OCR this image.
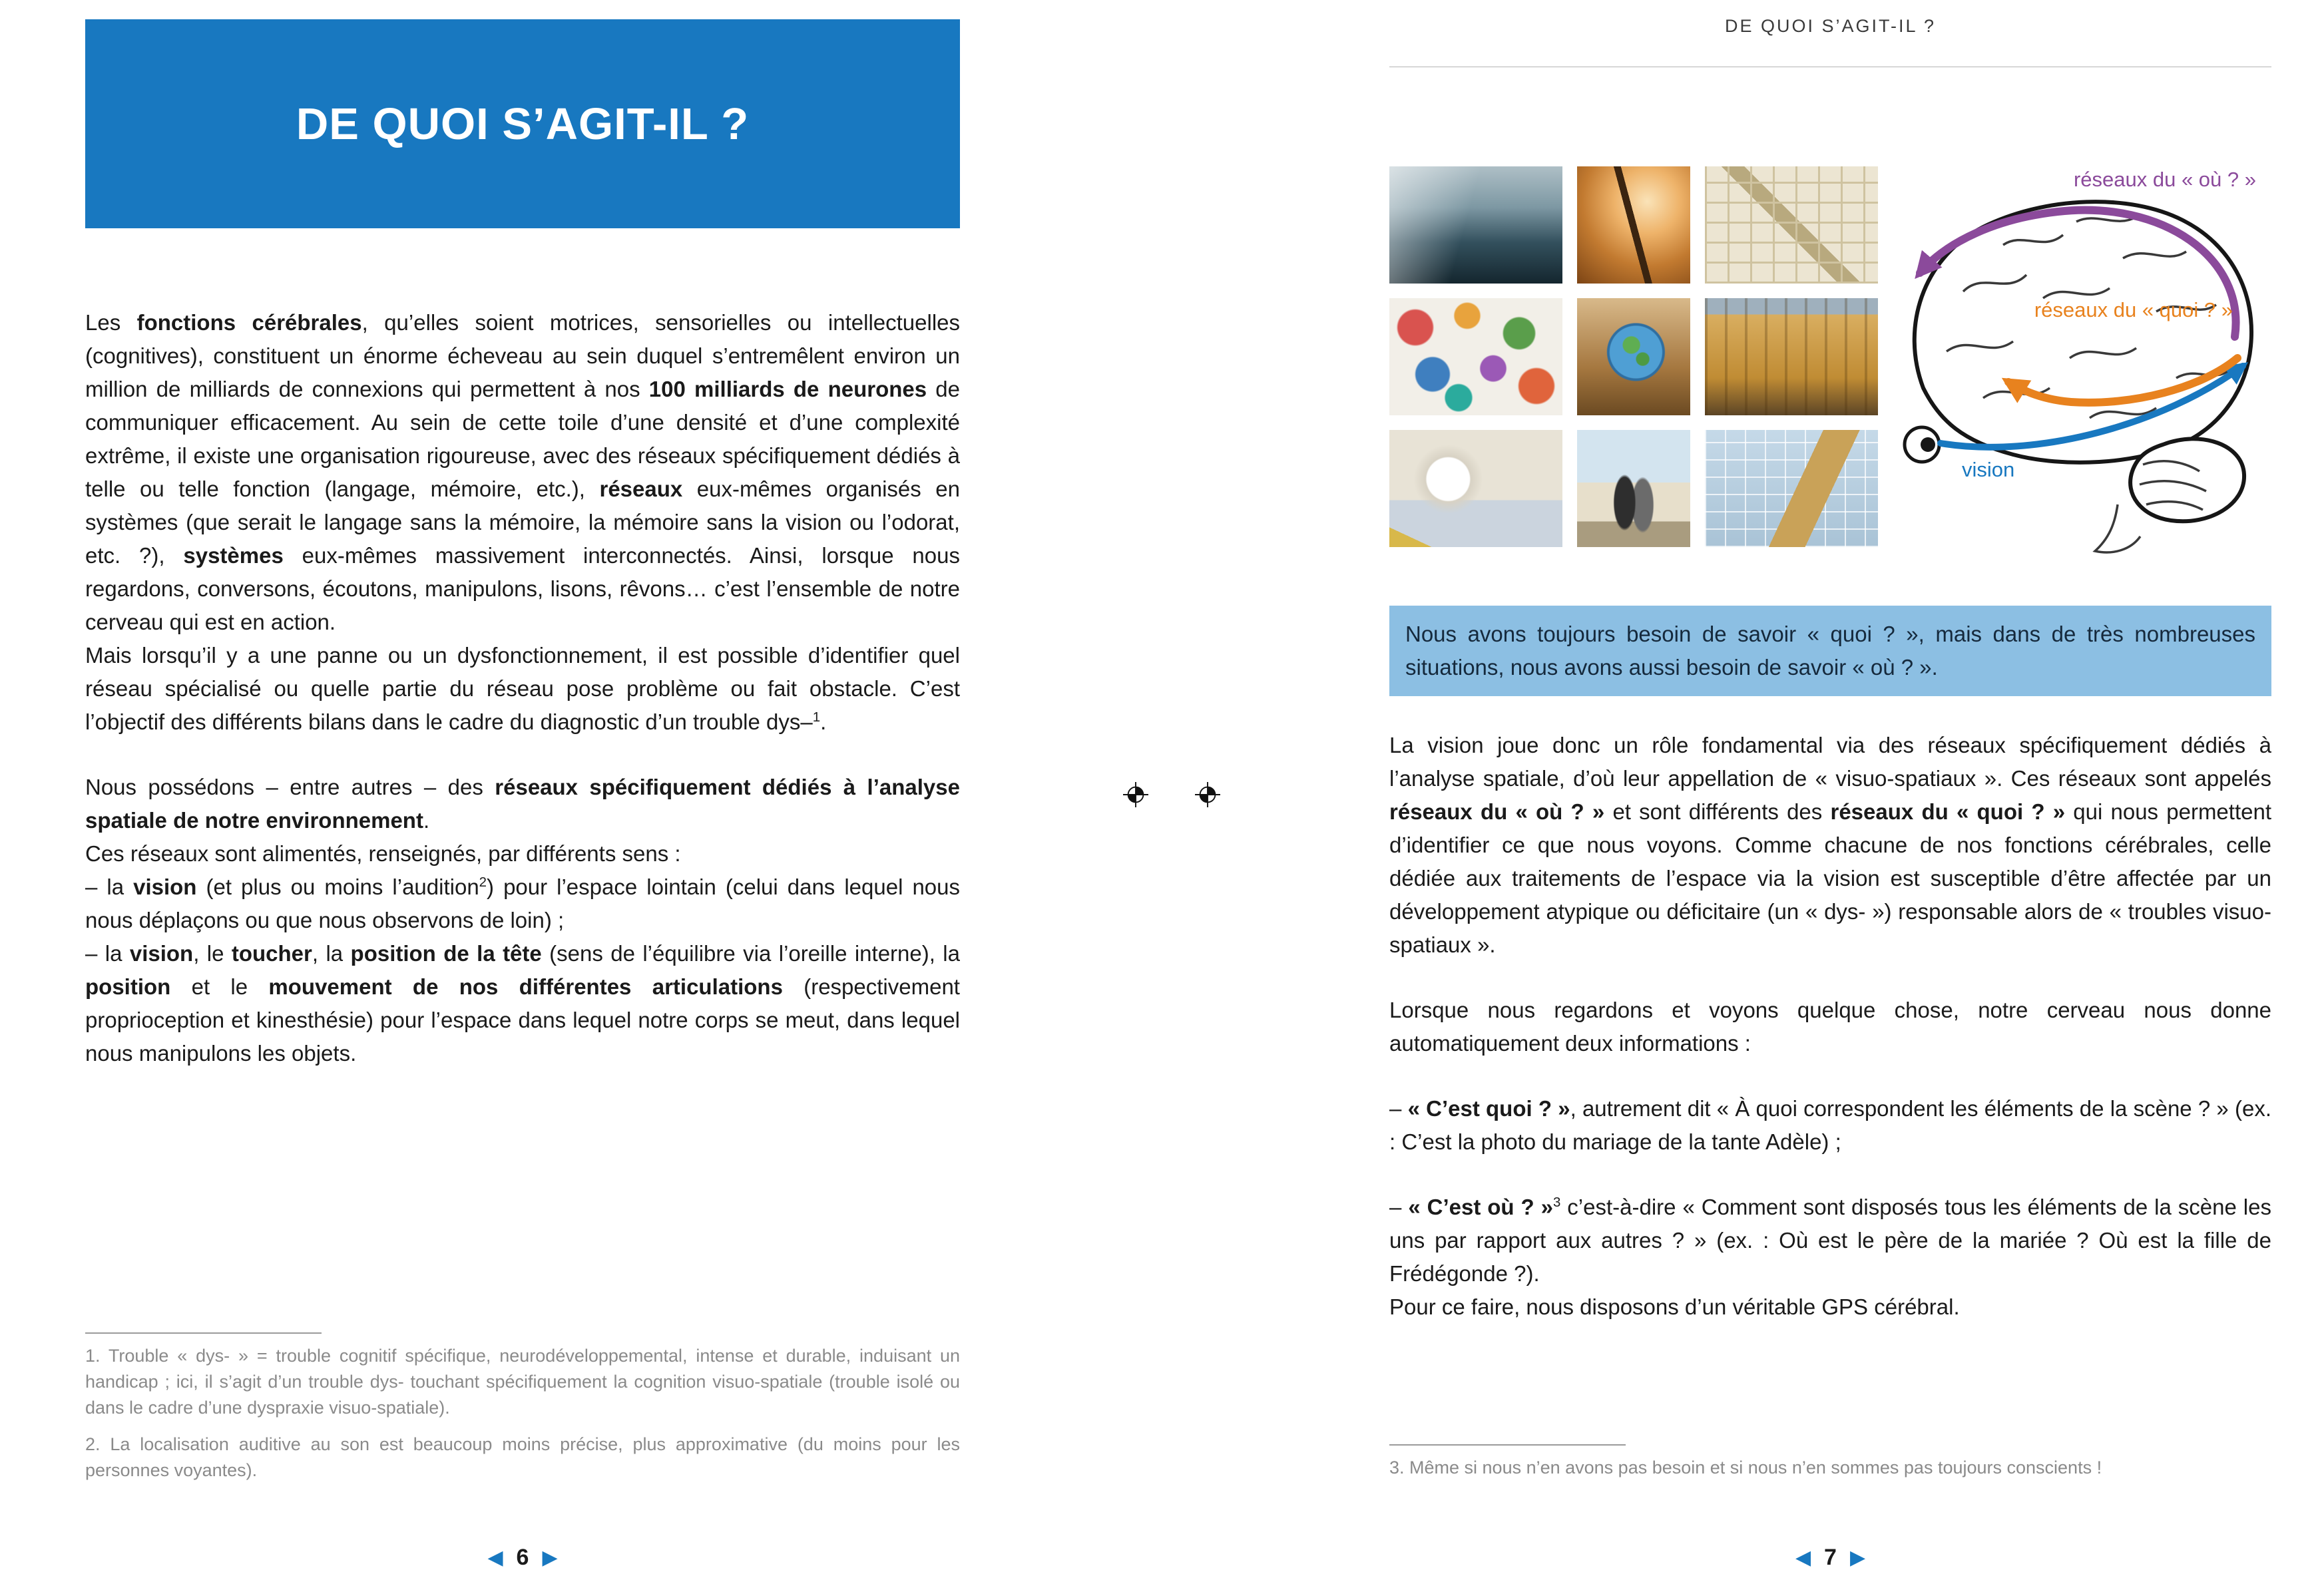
DE QUOI S’AGIT-IL ?

Les fonctions cérébrales, qu’elles soient motrices, sensorielles ou intellectuelles (cognitives), constituent un énorme écheveau au sein duquel s’entremêlent environ un million de milliards de connexions qui permettent à nos 100 milliards de neurones de communiquer efficacement. Au sein de cette toile d’une densité et d’une complexité extrême, il existe une organisation rigoureuse, avec des réseaux spécifiquement dédiés à telle ou telle fonction (langage, mémoire, etc.), réseaux eux-mêmes organisés en systèmes (que serait le langage sans la mémoire, la mémoire sans la vision ou l’odorat, etc. ?), systèmes eux-mêmes massivement interconnectés. Ainsi, lorsque nous regardons, conversons, écoutons, manipulons, lisons, rêvons… c’est l’ensemble de notre cerveau qui est en action.

Mais lorsqu’il y a une panne ou un dysfonctionnement, il est possible d’identifier quel réseau spécialisé ou quelle partie du réseau pose problème ou fait obstacle. C’est l’objectif des différents bilans dans le cadre du diagnostic d’un trouble dys–$^1$.

Nous possédons – entre autres – des réseaux spécifiquement dédiés à l’analyse spatiale de notre environnement.

Ces réseaux sont alimentés, renseignés, par différents sens :

– la vision (et plus ou moins l’audition$^2$) pour l’espace lointain (celui dans lequel nous nous déplaçons ou que nous observons de loin) ;

– la vision, le toucher, la position de la tête (sens de l’équilibre via l’oreille interne), la position et le mouvement de nos différentes articulations (respectivement proprioception et kinesthésie) pour l’espace dans lequel notre corps se meut, dans lequel nous manipulons les objets.

1. Trouble « dys- » = trouble cognitif spécifique, neurodéveloppemental, intense et durable, induisant un handicap ; ici, il s’agit d’un trouble dys- touchant spécifiquement la cognition visuo-spatiale (trouble isolé ou dans le cadre d’une dyspraxie visuo-spatiale).

2. La localisation auditive au son est beaucoup moins précise, plus approximative (du moins pour les personnes voyantes).

◀ 6 ▶
DE QUOI S’AGIT-IL ?
réseaux du « où ? »
réseaux du « quoi ? »
vision
Nous avons toujours besoin de savoir « quoi ? », mais dans de très nombreuses situations, nous avons aussi besoin de savoir « où ? ».

La vision joue donc un rôle fondamental via des réseaux spécifiquement dédiés à l’analyse spatiale, d’où leur appellation de « visuo-spatiaux ». Ces réseaux sont appelés réseaux du « où ? » et sont différents des réseaux du « quoi ? » qui nous permettent d’identifier ce que nous voyons. Comme chacune de nos fonctions cérébrales, celle dédiée aux traitements de l’espace via la vision est susceptible d’être affectée par un développement atypique ou déficitaire (un « dys- ») responsable alors de « troubles visuo-spatiaux ».

Lorsque nous regardons et voyons quelque chose, notre cerveau nous donne automatiquement deux informations :

– « C’est quoi ? », autrement dit « À quoi correspondent les éléments de la scène ? » (ex. : C’est la photo du mariage de la tante Adèle) ;

– « C’est où ? »$^3$ c’est-à-dire « Comment sont disposés tous les éléments de la scène les uns par rapport aux autres ? » (ex. : Où est le père de la mariée ? Où est la fille de Frédégonde ?).

Pour ce faire, nous disposons d’un véritable GPS cérébral.

3. Même si nous n’en avons pas besoin et si nous n’en sommes pas toujours conscients !

◀ 7 ▶
